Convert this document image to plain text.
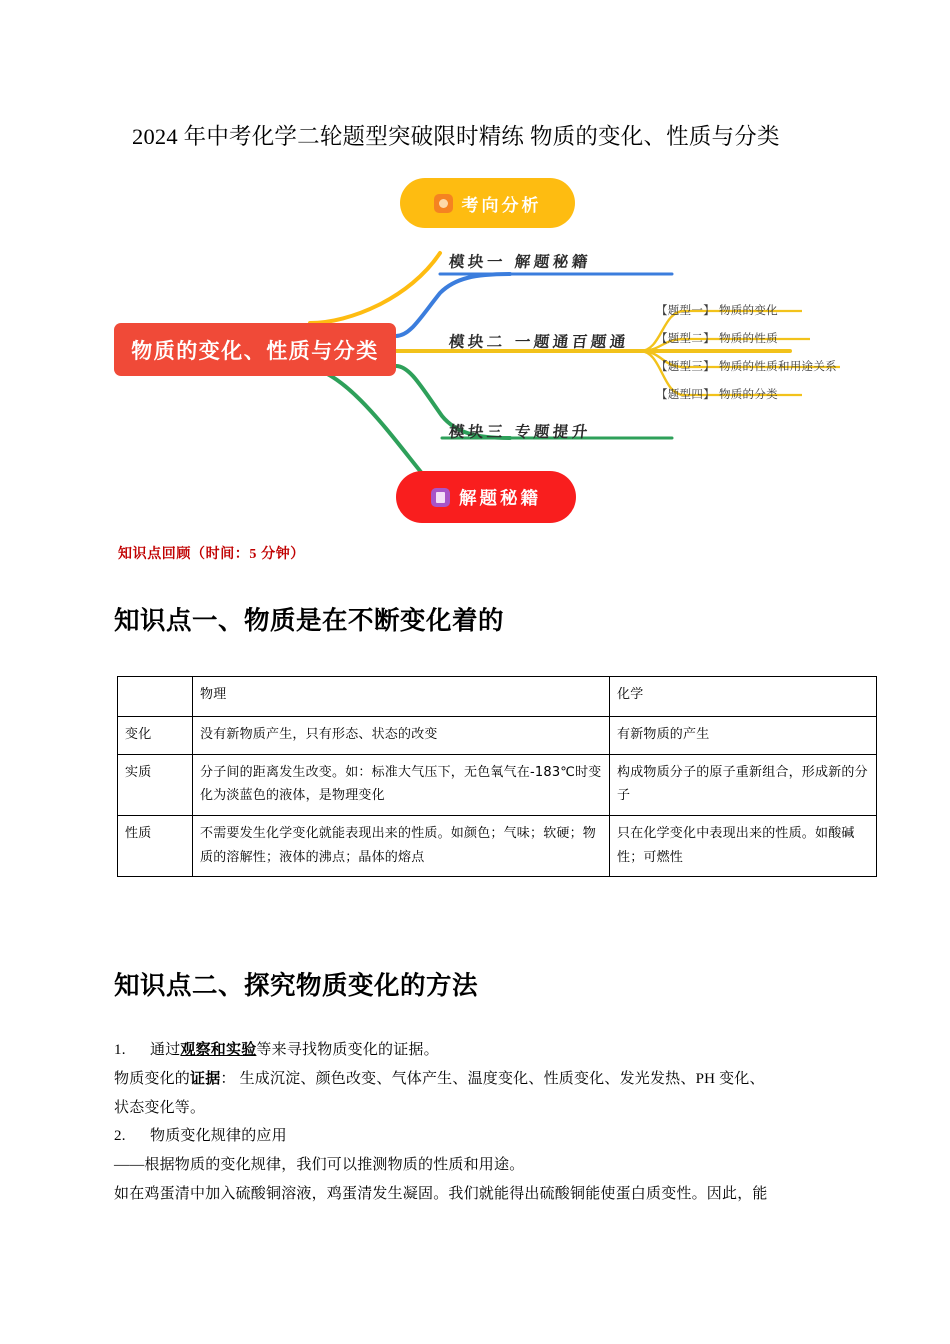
2024 年中考化学二轮题型突破限时精练 物质的变化、性质与分类
考向分析
物质的变化、性质与分类
模块一 解题秘籍
模块二 一题通百题通
模块三 专题提升
【题型一】 物质的变化
【题型二】 物质的性质
【题型三】 物质的性质和用途关系
【题型四】 物质的分类
解题秘籍
知识点回顾（时间：5 分钟）
知识点一、物质是在不断变化着的
	物理	化学
变化	没有新物质产生，只有形态、状态的改变	有新物质的产生
实质	分子间的距离发生改变。如：标准大气压下，无色氧气在-183℃时变化为淡蓝色的液体，是物理变化	构成物质分子的原子重新组合，形成新的分子
性质	不需要发生化学变化就能表现出来的性质。如颜色；气味；软硬；物质的溶解性；液体的沸点；晶体的熔点	只在化学变化中表现出来的性质。如酸碱性；可燃性
知识点二、探究物质变化的方法

1. 通过观察和实验等来寻找物质变化的证据。

物质变化的证据： 生成沉淀、颜色改变、气体产生、温度变化、性质变化、发光发热、PH 变化、

状态变化等。

2. 物质变化规律的应用

——根据物质的变化规律，我们可以推测物质的性质和用途。

如在鸡蛋清中加入硫酸铜溶液，鸡蛋清发生凝固。我们就能得出硫酸铜能使蛋白质变性。因此，能
